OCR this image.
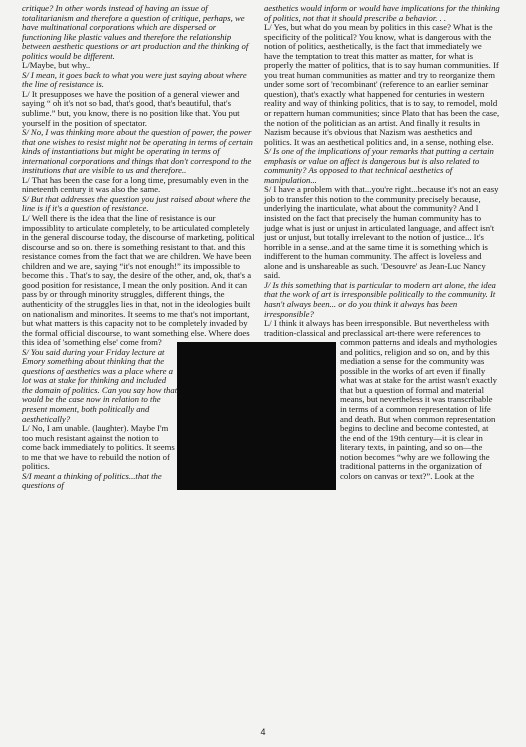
critique? In other words instead of having an issue of totalitarianism and therefore a question of critique, perhaps, we have multinational corporations which are dispersed or functioning like plastic values and therefore the relationship between aesthetic questions or art production and the thinking of politics would be different.

L/Maybe, but why..

S/ I mean, it goes back to what you were just saying about where the line of resistance is.

L/ It presupposes we have the position of a general viewer and saying “ oh it's not so bad, that's good, that's beautiful, that's sublime.” but, you know, there is no position like that. You put yourself in the position of spectator.

S/ No, I was thinking more about the question of power, the power that one wishes to resist might not be operating in terms of certain kinds of instantiations but might be operating in terms of international corporations and things that don't correspond to the institutions that are visible to us and therefore..

L/ That has been the case for a long time, presumably even in the nineteenth century it was also the same.

S/ But that addresses the question you just raised about where the line is if it's a question of resistance.

L/ Well there is the idea that the line of resistance is our impossiblity to articulate completely, to be articulated completely in the general discourse today, the discourse of marketing, political discourse and so on. there is something resistant to that. and this resistance comes from the fact that we are children. We have been children and we are, saying “it's not enough!” its impossible to become this . That's to say, the desire of the other, and, ok, that's a good position for resistance, I mean the only position. And it can pass by or through minority struggles, different things, the authenticity of the struggles lies in that, not in the ideologies built on nationalism and minorites. It seems to me that's not important, but what matters is this capacity not to be completely invaded by the formal official discourse, to want something else. Where does this idea of 'something else' come from?

S/ You said during your Friday lecture at Emory something about thinking that the questions of aesthetics was a place where a lot was at stake for thinking and included the domain of politics. Can you say how that would be the case now in relation to the present moment, both politically and aesthetically?

L/ No, I am unable. (laughter). Maybe I'm too much resistant against the notion to come back immediately to politics. It seems to me that we have to rebuild the notion of politics.

S/I meant a thinking of politics...that the questions of

aesthetics would inform or would have implications for the thinking of politics, not that it should prescribe a behavior. . .

L/ Yes, but what do you mean by politics in this case? What is the specificity of the political? You know, what is dangerous with the notion of politics, aesthetically, is the fact that immediately we have the temptation to treat this matter as matter, for what is properly the matter of politics, that is to say human communities. If you treat human communities as matter and try to reorganize them under some sort of 'recombinant' (reference to an earlier seminar question), that's exactly what happened for centuries in western reality and way of thinking politics, that is to say, to remodel, mold or repattern human communities; since Plato that has been the case, the notion of the politician as an artist. And finally it results in Nazism because it's obvious that Nazism was aesthetics and politics. It was an aesthetical politics and, in a sense, nothing else.

S/ Is one of the implications of your remarks that putting a certain emphasis or value on affect is dangerous but is also related to community? As opposed to that technical aesthetics of manipulation...

S/ I have a problem with that...you're right...because it's not an easy job to transfer this notion to the community precisely because, underlying the inarticulate, what about the community? And I insisted on the fact that precisely the human community has to judge what is just or unjust in articulated language, and affect isn't just or unjust, but totally irrelevant to the notion of justice... It's horrible in a sense..and at the same time it is something which is indifferent to the human community. The affect is loveless and alone and is unshareable as such. 'Desouvre' as Jean-Luc Nancy said.

J/ Is this something that is particular to modern art alone, the idea that the work of art is irresponsible politically to the community. It hasn't always been... or do you think it always has been irresponsible?

L/ I think it always has been irresponsible. But nevertheless with tradition-classical and preclassical art-there were references to common patterns and ideals and mythologies and politics, religion and so on, and by this mediation a sense for the community was possible in the works of art even if finally what was at stake for the artist wasn't exactly that but a question of formal and material means, but nevertheless it was transcribable in terms of a common representation of life and death. But when common representation begins to decline and become contested, at the end of the 19th century—it is clear in literary texts, in painting, and so on—the notion becomes “why are we following the traditional patterns in the organization of colors on canvas or text?”. Look at the

4
